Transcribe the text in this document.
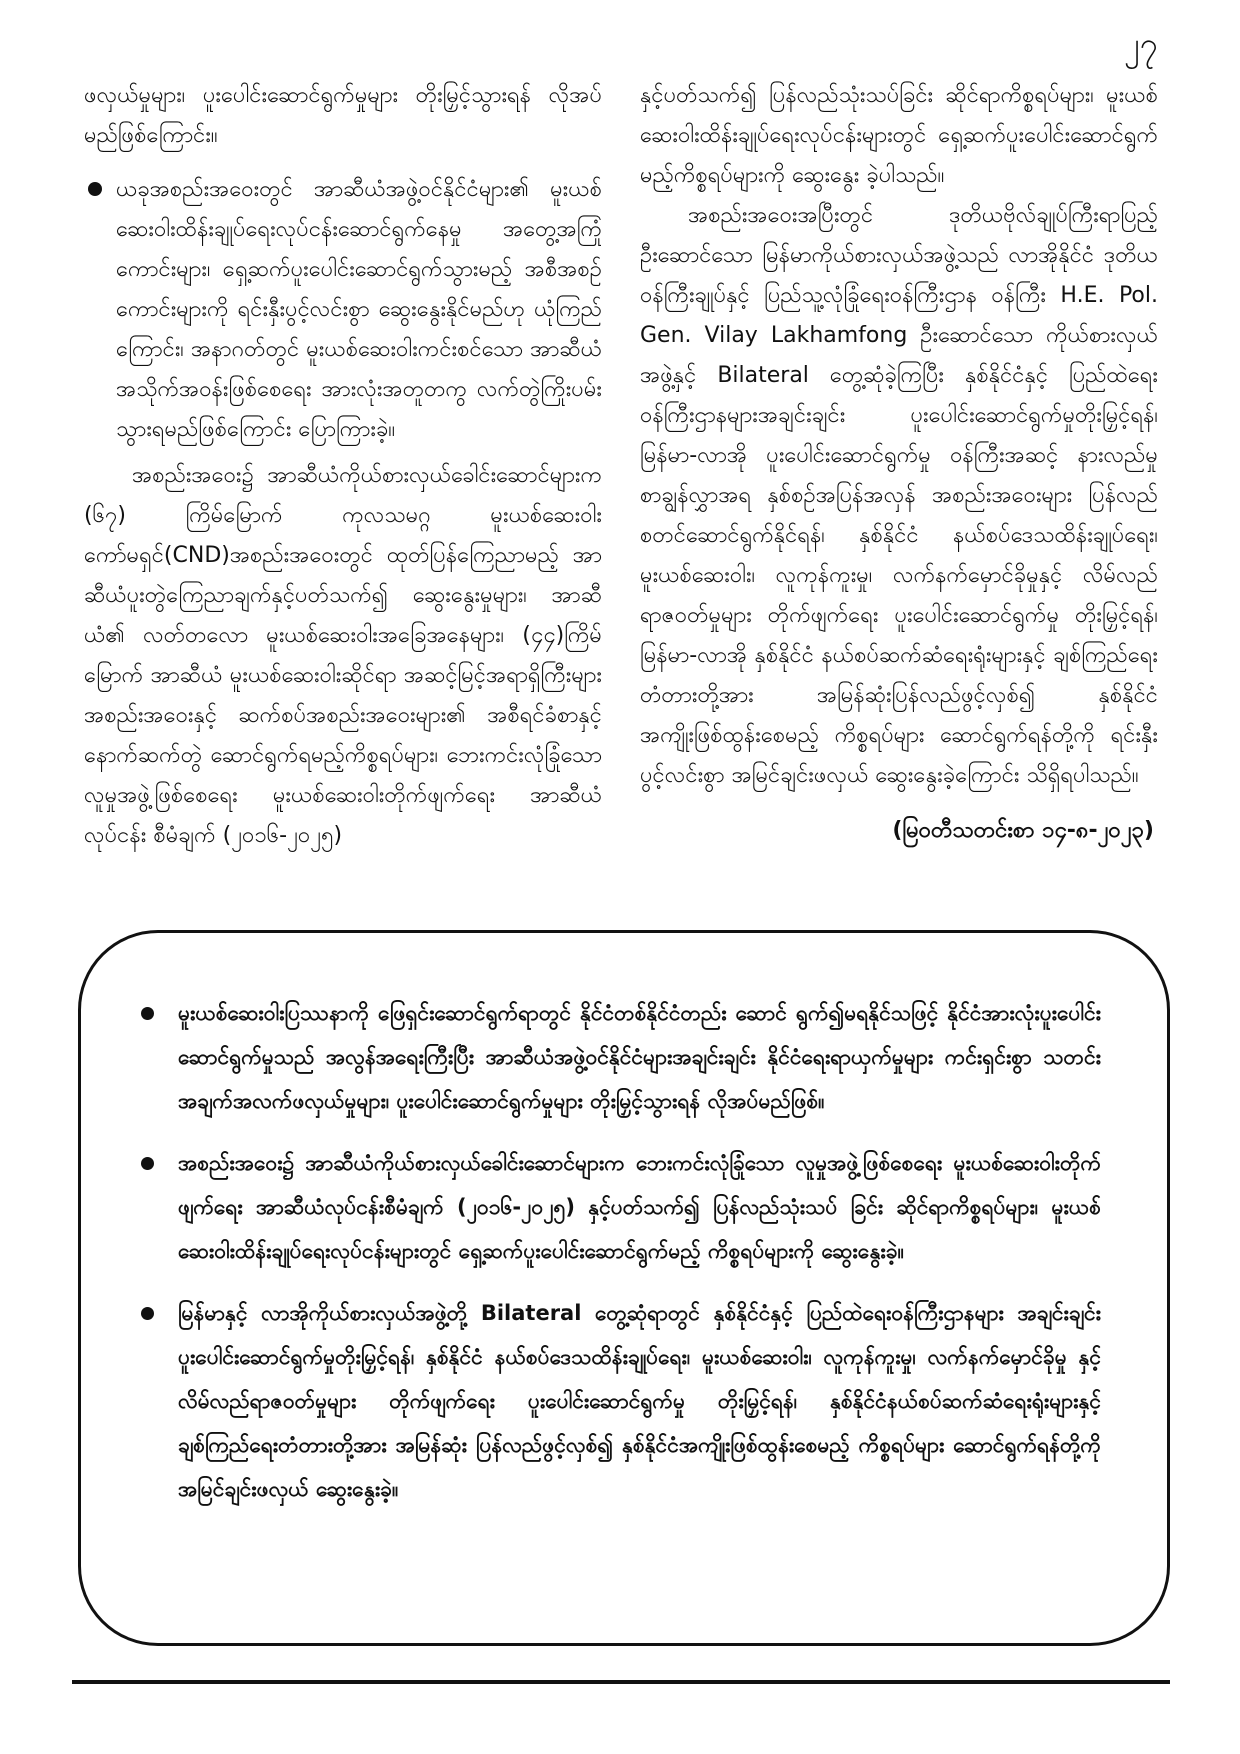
၂၇

ဖလှယ်မှုများ၊ ပူးပေါင်းဆောင်ရွက်မှုများ တိုးမြှင့်သွားရန် လိုအပ်မည်ဖြစ်ကြောင်း။

ယခုအစည်းအဝေးတွင် အာဆီယံအဖွဲ့ဝင်နိုင်ငံများ၏ မူးယစ်ဆေးဝါးထိန်းချုပ်ရေးလုပ်ငန်းဆောင်ရွက်နေမှု အတွေ့အကြုံကောင်းများ၊ ရှေ့ဆက်ပူးပေါင်းဆောင်ရွက်သွားမည့် အစီအစဉ်ကောင်းများကို ရင်းနှီးပွင့်လင်းစွာ ဆွေးနွေးနိုင်မည်ဟု ယုံကြည်ကြောင်း၊ အနာဂတ်တွင် မူးယစ်ဆေးဝါးကင်းစင်သော အာဆီယံအသိုက်အဝန်းဖြစ်စေရေး အားလုံးအတူတကွ လက်တွဲကြိုးပမ်းသွားရမည်ဖြစ်ကြောင်း ပြောကြားခဲ့။

အစည်းအဝေး၌ အာဆီယံကိုယ်စားလှယ်ခေါင်းဆောင်များက (၆၇) ကြိမ်မြောက် ကုလသမဂ္ဂ မူးယစ်ဆေးဝါးကော်မရှင်(CND)အစည်းအဝေးတွင် ထုတ်ပြန်ကြေညာမည့် အာဆီယံပူးတွဲကြေညာချက်နှင့်ပတ်သက်၍ ဆွေးနွေးမှုများ၊ အာဆီယံ၏ လတ်တလော မူးယစ်ဆေးဝါးအခြေအနေများ၊ (၄၄)ကြိမ်မြောက် အာဆီယံ မူးယစ်ဆေးဝါးဆိုင်ရာ အဆင့်မြင့်အရာရှိကြီးများ အစည်းအဝေးနှင့် ဆက်စပ်အစည်းအဝေးများ၏ အစီရင်ခံစာနှင့်နောက်ဆက်တွဲ ဆောင်ရွက်ရမည့်ကိစ္စရပ်များ၊ ဘေးကင်းလုံခြုံသော လူမှုအဖွဲ့ဖြစ်စေရေး မူးယစ်ဆေးဝါးတိုက်ဖျက်ရေး အာဆီယံလုပ်ငန်း စီမံချက် (၂၀၁၆-၂၀၂၅)

နှင့်ပတ်သက်၍ ပြန်လည်သုံးသပ်ခြင်း ဆိုင်ရာကိစ္စရပ်များ၊ မူးယစ်ဆေးဝါးထိန်းချုပ်ရေးလုပ်ငန်းများတွင် ရှေ့ဆက်ပူးပေါင်းဆောင်ရွက်မည့်ကိစ္စရပ်များကို ဆွေးနွေး ခဲ့ပါသည်။

အစည်းအဝေးအပြီးတွင် ဒုတိယဗိုလ်ချုပ်ကြီးရာပြည့် ဦးဆောင်သော မြန်မာကိုယ်စားလှယ်အဖွဲ့သည် လာအိုနိုင်ငံ ဒုတိယဝန်ကြီးချုပ်နှင့် ပြည်သူ့လုံခြုံရေးဝန်ကြီးဌာန ဝန်ကြီး H.E. Pol. Gen. Vilay Lakhamfong ဦးဆောင်သော ကိုယ်စားလှယ်အဖွဲ့နှင့် Bilateral တွေ့ဆုံခဲ့ကြပြီး နှစ်နိုင်ငံနှင့် ပြည်ထဲရေးဝန်ကြီးဌာနများအချင်းချင်း ပူးပေါင်းဆောင်ရွက်မှုတိုးမြှင့်ရန်၊ မြန်မာ-လာအို ပူးပေါင်းဆောင်ရွက်မှု ဝန်ကြီးအဆင့် နားလည်မှုစာချွန်လွှာအရ နှစ်စဉ်အပြန်အလှန် အစည်းအဝေးများ ပြန်လည်စတင်ဆောင်ရွက်နိုင်ရန်၊ နှစ်နိုင်ငံ နယ်စပ်ဒေသထိန်းချုပ်ရေး၊ မူးယစ်ဆေးဝါး၊ လူကုန်ကူးမှု၊ လက်နက်မှောင်ခိုမှုနှင့် လိမ်လည်ရာဇဝတ်မှုများ တိုက်ဖျက်ရေး ပူးပေါင်းဆောင်ရွက်မှု တိုးမြှင့်ရန်၊ မြန်မာ-လာအို နှစ်နိုင်ငံ နယ်စပ်ဆက်ဆံရေးရုံးများနှင့် ချစ်ကြည်ရေးတံတားတို့အား အမြန်ဆုံးပြန်လည်ဖွင့်လှစ်၍ နှစ်နိုင်ငံအကျိုးဖြစ်ထွန်းစေမည့် ကိစ္စရပ်များ ဆောင်ရွက်ရန်တို့ကို ရင်းနှီးပွင့်လင်းစွာ အမြင်ချင်းဖလှယ် ဆွေးနွေးခဲ့ကြောင်း သိရှိရပါသည်။

(မြဝတီသတင်းစာ ၁၄-၈-၂၀၂၃)
မူးယစ်ဆေးဝါးပြဿနာကို ဖြေရှင်းဆောင်ရွက်ရာတွင် နိုင်ငံတစ်နိုင်ငံတည်း ဆောင် ရွက်၍မရနိုင်သဖြင့် နိုင်ငံအားလုံးပူးပေါင်းဆောင်ရွက်မှုသည် အလွန်အရေးကြီးပြီး အာဆီယံအဖွဲ့ဝင်နိုင်ငံများအချင်းချင်း နိုင်ငံရေးရာယှက်မှုများ ကင်းရှင်းစွာ သတင်းအချက်အလက်ဖလှယ်မှုများ၊ ပူးပေါင်းဆောင်ရွက်မှုများ တိုးမြှင့်သွားရန် လိုအပ်မည်ဖြစ်။
အစည်းအဝေး၌ အာဆီယံကိုယ်စားလှယ်ခေါင်းဆောင်များက ဘေးကင်းလုံခြုံသော လူမှုအဖွဲ့ဖြစ်စေရေး မူးယစ်ဆေးဝါးတိုက်ဖျက်ရေး အာဆီယံလုပ်ငန်းစီမံချက် (၂၀၁၆-၂၀၂၅) နှင့်ပတ်သက်၍ ပြန်လည်သုံးသပ် ခြင်း ဆိုင်ရာကိစ္စရပ်များ၊ မူးယစ်ဆေးဝါးထိန်းချုပ်ရေးလုပ်ငန်းများတွင် ရှေ့ဆက်ပူးပေါင်းဆောင်ရွက်မည့် ကိစ္စရပ်များကို ဆွေးနွေးခဲ့။
မြန်မာနှင့် လာအိုကိုယ်စားလှယ်အဖွဲ့တို့ Bilateral တွေ့ဆုံရာတွင် နှစ်နိုင်ငံနှင့် ပြည်ထဲရေးဝန်ကြီးဌာနများ အချင်းချင်း ပူးပေါင်းဆောင်ရွက်မှုတိုးမြှင့်ရန်၊ နှစ်နိုင်ငံ နယ်စပ်ဒေသထိန်းချုပ်ရေး၊ မူးယစ်ဆေးဝါး၊ လူကုန်ကူးမှု၊ လက်နက်မှောင်ခိုမှု နှင့် လိမ်လည်ရာဇဝတ်မှုများ တိုက်ဖျက်ရေး ပူးပေါင်းဆောင်ရွက်မှု တိုးမြှင့်ရန်၊ နှစ်နိုင်ငံနယ်စပ်ဆက်ဆံရေးရုံးများနှင့် ချစ်ကြည်ရေးတံတားတို့အား အမြန်ဆုံး ပြန်လည်ဖွင့်လှစ်၍ နှစ်နိုင်ငံအကျိုးဖြစ်ထွန်းစေမည့် ကိစ္စရပ်များ ဆောင်ရွက်ရန်တို့ကို အမြင်ချင်းဖလှယ် ဆွေးနွေးခဲ့။
